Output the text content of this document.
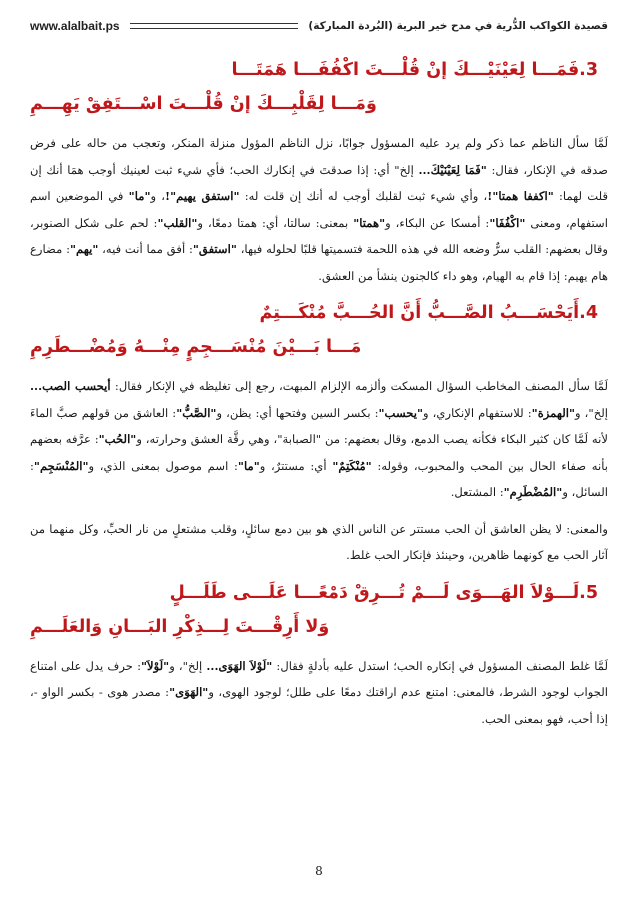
www.alalbait.ps	قصيدة الكواكب الدُّرية في مدح خير البرية (البُردة المباركة)
3.فَمَـــا لِعَيْنَيْـــكَ إنْ قُلْـــتَ اكْفُفَـــا هَمَتَـــا
وَمَـــا لِقَلْبِـــكَ إنْ قُلْـــتَ اسْـــتَفِقْ يَهِـــمِ

لَمَّا سأل الناظم عما ذكر ولم يرد عليه المسؤول جوابًا، نزل الناظم المؤول منزلة المنكر، وتعجب من حاله على فرض صدقه في الإنكار، فقال: "فَمَا لِعَيْنَيْكَ... إلخ" أي: إذا صدقتَ في إنكارك الحب؛ فأي شيء ثبت لعينيك أوجب همَا أنك إن قلت لهما: "اكففا همتا"!، وأي شيء ثبت لقلبك أوجب له أنك إن قلت له: "استفق يهيم"!، و"ما" في الموضعين اسم استفهام، ومعنى "اكْفُفَا": أمسكا عن البكاء، و"همتا" بمعنى: سالتا، أي: همتا دمعًا، و"القلب": لحم على شكل الصنوبر، وقال بعضهم: القلب سرٌّ وضعه الله في هذه اللحمة فتسميتها قلبًا لحلوله فيها، "استفق": أفق مما أنت فيه، "يهم": مضارع هام يهيم: إذا قام به الهيام، وهو داء كالجنون ينشأ من العشق.

4.أَيَحْسَـــبُ الصَّـــبُّ أَنَّ الحُـــبَّ مُنْكَـــتِمٌ
مَـــا بَـــيْنَ مُنْسَـــجِمٍ مِنْـــهُ وَمُضْـــطَرِمِ

لَمَّا سأل المصنف المخاطب السؤال المسكت وألزمه الإلزام المبهت، رجع إلى تغليظه في الإنكار فقال: أيحسب الصب... إلخ"، و"الهمزة": للاستفهام الإنكاري، و"يحسب": بكسر السين وفتحها أي: يظن، و"الصَّبُّ": العاشق من قولهم صبَّ الماءَ لأنه لَمَّا كان كثير البكاء فكأنه يصب الدمع، وقال بعضهم: من "الصبابة"، وهي رقَّة العشق وحرارته، و"الحُب": عرَّفه بعضهم بأنه صفاء الحال بين المحب والمحبوب، وقوله: "مُنْكَتِمٌ" أي: مستترٌ، و"ما": اسم موصول بمعنى الذي، و"المُنْسَجِم": السائل، و"المُضْطَرِم": المشتعل.

والمعنى: لا يظن العاشق أن الحب مستتر عن الناس الذي هو بين دمع سائلٍ، وقلب مشتعلٍ من نار الحبِّ، وكل منهما من آثار الحب مع كونهما ظاهرين، وحينئذ فإنكار الحب غلط.

5.لَـــوْلاَ الهَـــوَى لَـــمْ تُـــرِقْ دَمْعًـــا عَلَـــى طَلَـــلٍ
وَلا أَرِقْـــتَ لِـــذِكْرِ البَـــانِ وَالعَلَـــمِ

لَمَّا غلط المصنف المسؤول في إنكاره الحب؛ استدل عليه بأدلةٍ فقال: "لَوْلاَ الهَوَى... إلخ"، و"لَوْلاَ": حرف يدل على امتناع الجواب لوجود الشرط، فالمعنى: امتنع عدم اراقتك دمعًا على طلل؛ لوجود الهوى، و"الهَوَى": مصدر هوى - بكسر الواو -، إذا أحب، فهو بمعنى الحب.

8
